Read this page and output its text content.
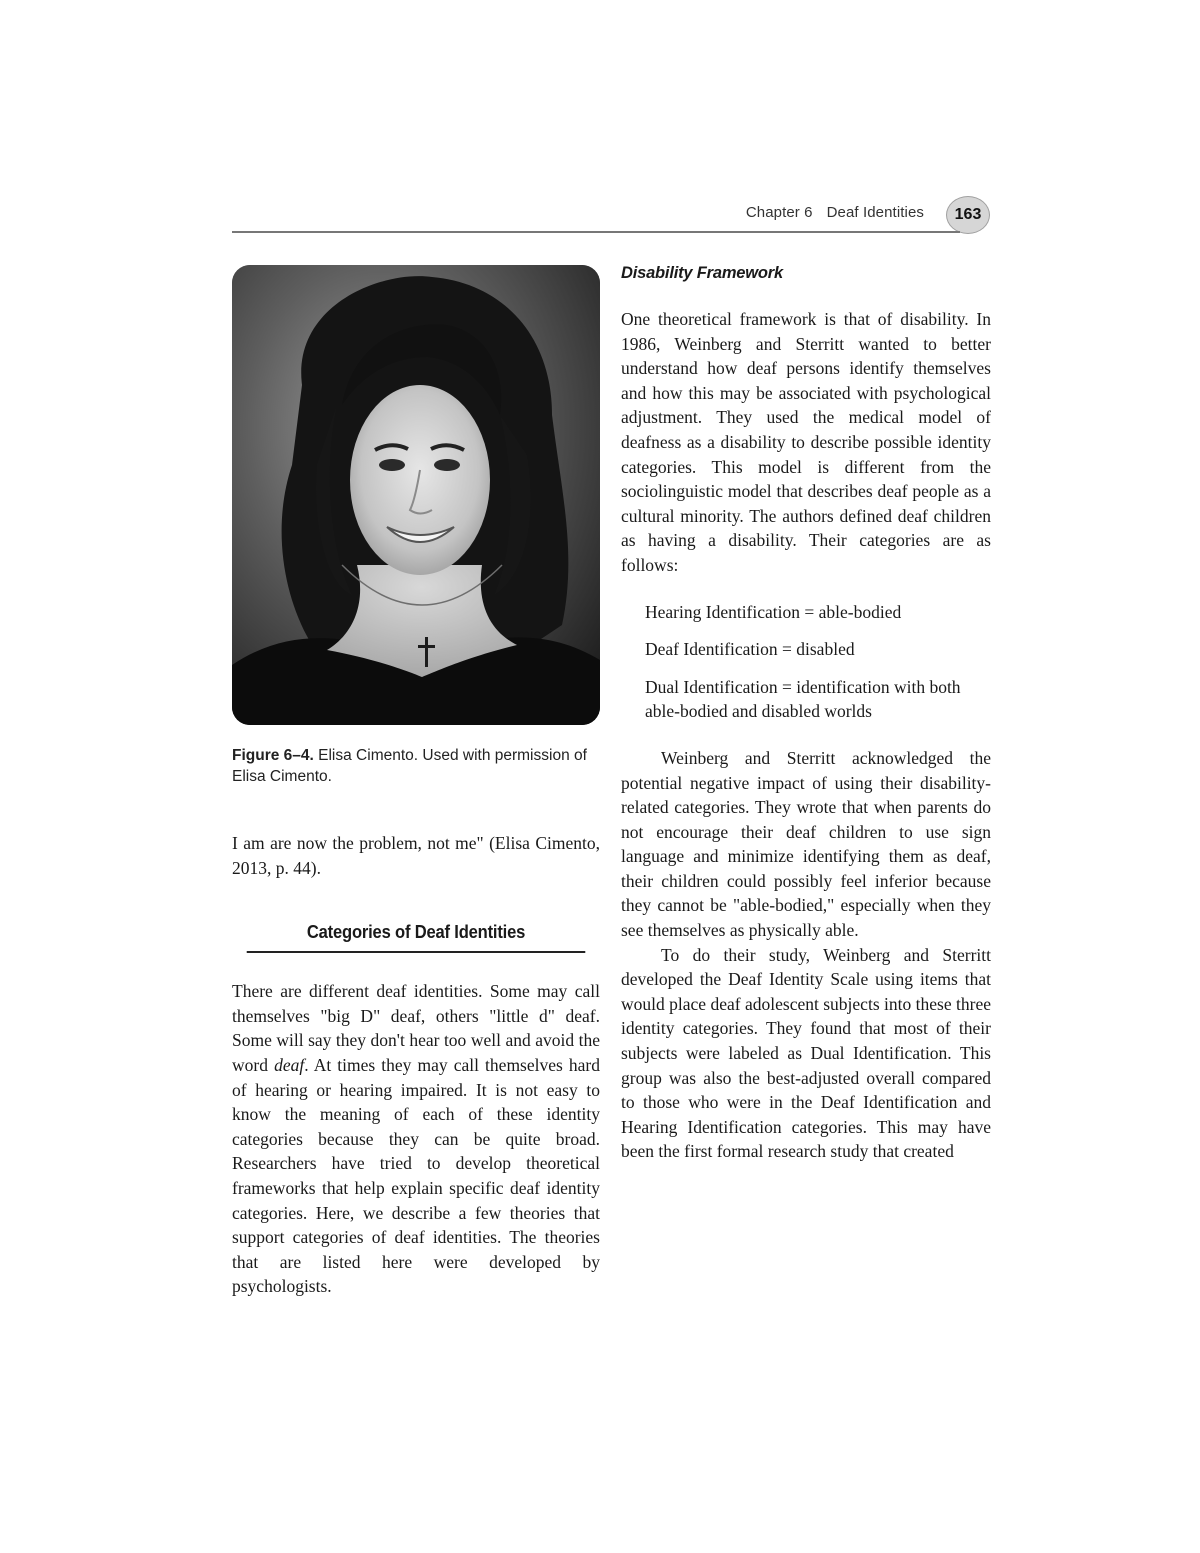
Chapter 6 Deaf Identities	163
Figure 6–4. Elisa Cimento. Used with permission of Elisa Cimento.

I am are now the problem, not me" (Elisa Cimento, 2013, p. 44).

Categories of Deaf Identities

There are different deaf identities. Some may call themselves "big D" deaf, others "little d" deaf. Some will say they don't hear too well and avoid the word deaf. At times they may call themselves hard of hearing or hearing impaired. It is not easy to know the meaning of each of these identity categories because they can be quite broad. Researchers have tried to develop theoretical frameworks that help explain specific deaf identity categories. Here, we describe a few theories that support categories of deaf identities. The theories that are listed here were developed by psychologists.

Disability Framework

One theoretical framework is that of disability. In 1986, Weinberg and Sterritt wanted to better understand how deaf persons identify themselves and how this may be associated with psychological adjustment. They used the medical model of deafness as a disability to describe possible identity categories. This model is different from the sociolinguistic model that describes deaf people as a cultural minority. The authors defined deaf children as having a disability. Their categories are as follows:

Hearing Identification = able-bodied
Deaf Identification = disabled
Dual Identification = identification with both able-bodied and disabled worlds

Weinberg and Sterritt acknowledged the potential negative impact of using their disability-related categories. They wrote that when parents do not encourage their deaf children to use sign language and minimize identifying them as deaf, their children could possibly feel inferior because they cannot be "able-bodied," especially when they see themselves as physically able.

To do their study, Weinberg and Sterritt developed the Deaf Identity Scale using items that would place deaf adolescent subjects into these three identity categories. They found that most of their subjects were labeled as Dual Identification. This group was also the best-adjusted overall compared to those who were in the Deaf Identification and Hearing Identification categories. This may have been the first formal research study that created
